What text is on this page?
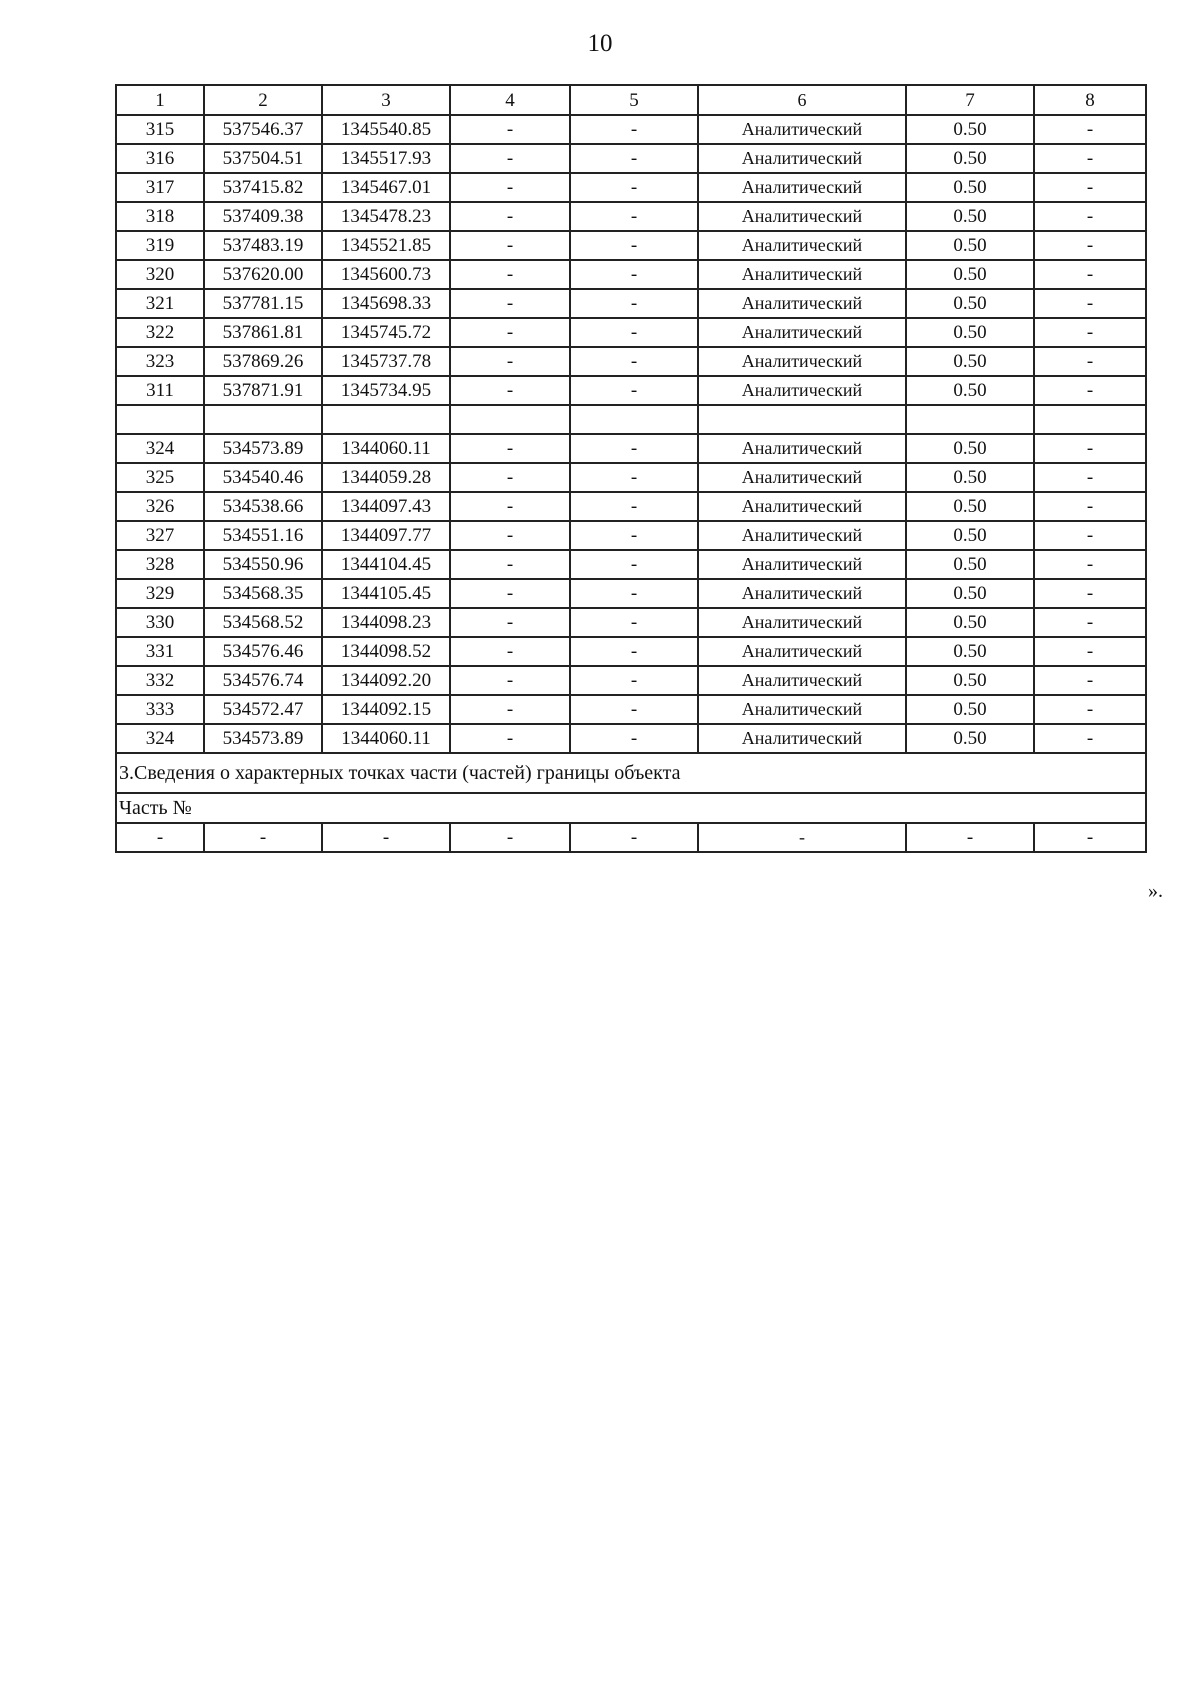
10
1	2	3	4	5	6	7	8
315	537546.37	1345540.85	-	-	Аналитический	0.50	-
316	537504.51	1345517.93	-	-	Аналитический	0.50	-
317	537415.82	1345467.01	-	-	Аналитический	0.50	-
318	537409.38	1345478.23	-	-	Аналитический	0.50	-
319	537483.19	1345521.85	-	-	Аналитический	0.50	-
320	537620.00	1345600.73	-	-	Аналитический	0.50	-
321	537781.15	1345698.33	-	-	Аналитический	0.50	-
322	537861.81	1345745.72	-	-	Аналитический	0.50	-
323	537869.26	1345737.78	-	-	Аналитический	0.50	-
311	537871.91	1345734.95	-	-	Аналитический	0.50	-

324	534573.89	1344060.11	-	-	Аналитический	0.50	-
325	534540.46	1344059.28	-	-	Аналитический	0.50	-
326	534538.66	1344097.43	-	-	Аналитический	0.50	-
327	534551.16	1344097.77	-	-	Аналитический	0.50	-
328	534550.96	1344104.45	-	-	Аналитический	0.50	-
329	534568.35	1344105.45	-	-	Аналитический	0.50	-
330	534568.52	1344098.23	-	-	Аналитический	0.50	-
331	534576.46	1344098.52	-	-	Аналитический	0.50	-
332	534576.74	1344092.20	-	-	Аналитический	0.50	-
333	534572.47	1344092.15	-	-	Аналитический	0.50	-
324	534573.89	1344060.11	-	-	Аналитический	0.50	-
3.Сведения о характерных точках части (частей) границы объекта							
Часть №							
-	-	-	-	-	-	-	-
».
